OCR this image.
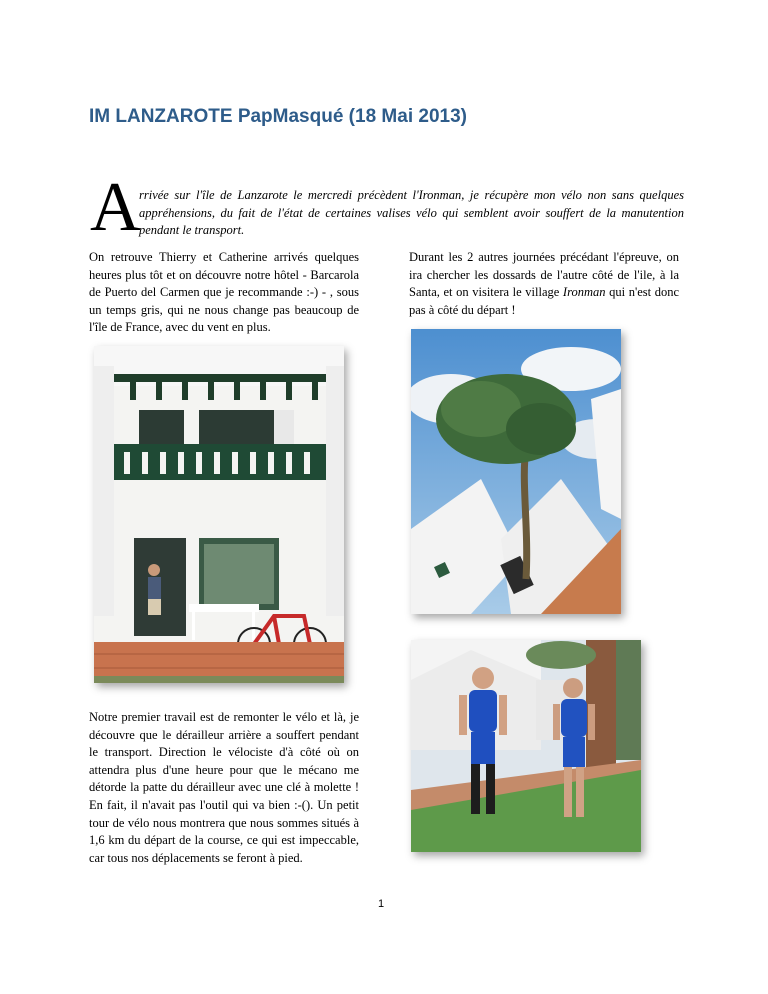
IM LANZAROTE PapMasqué (18 Mai 2013)
A

rrivée sur l'île de Lanzarote le mercredi précèdent l'Ironman, je récupère mon vélo non sans quelques appréhensions, du fait de l'état de certaines valises vélo qui semblent avoir souffert de la manutention pendant le transport.

On retrouve Thierry et Catherine arrivés quelques heures plus tôt et on découvre notre hôtel - Barcarola de Puerto del Carmen que je recommande :-) - , sous un temps gris, qui ne nous change pas beaucoup de l'île de France, avec du vent en plus.

Durant les 2 autres journées précédant l'épreuve, on ira chercher les dossards de l'autre côté de l'ile, à la Santa, et on visitera le village Ironman qui n'est donc pas à côté du départ !

Notre premier travail est de remonter le vélo et là, je découvre que le dérailleur arrière a souffert pendant le transport. Direction le vélociste d'à côté où on attendra plus d'une heure pour que le mécano me détorde la patte du dérailleur avec une clé à molette ! En fait, il n'avait pas l'outil qui va bien :-(). Un petit tour de vélo nous montrera que nous sommes situés à 1,6 km du départ de la course, ce qui est impeccable, car tous nos déplacements se feront à pied.

1
